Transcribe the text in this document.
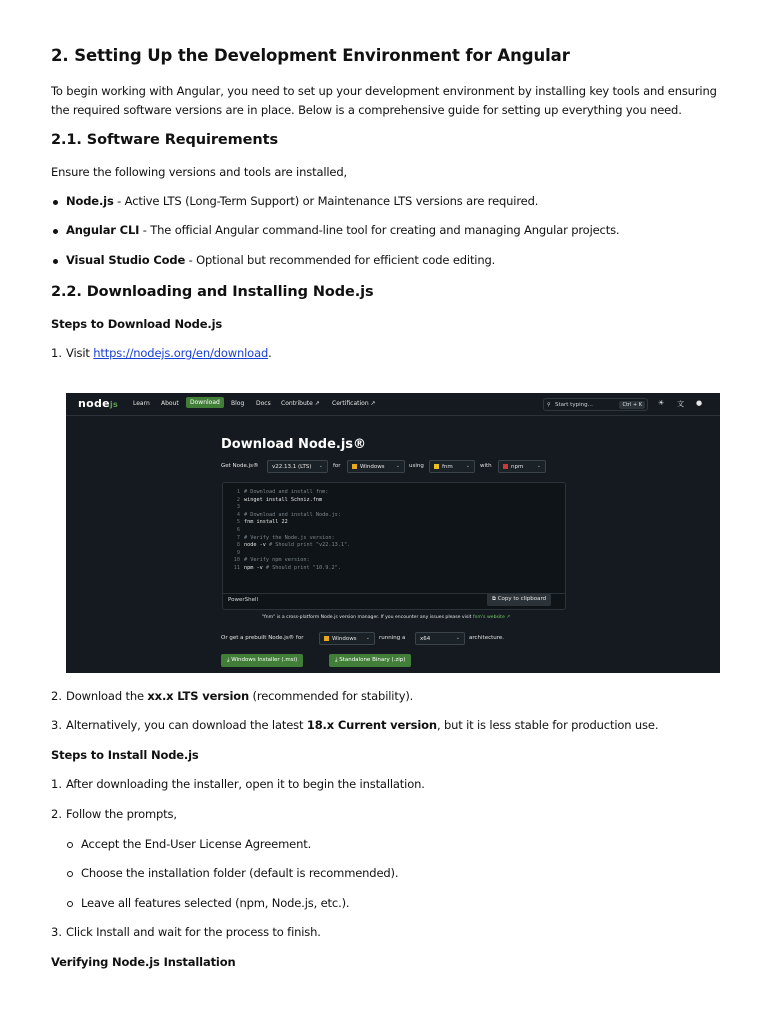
2. Setting Up the Development Environment for Angular
To begin working with Angular, you need to set up your development environment by installing key tools and ensuring the required software versions are in place. Below is a comprehensive guide for setting up everything you need.
2.1. Software Requirements
Ensure the following versions and tools are installed,
Node.js - Active LTS (Long-Term Support) or Maintenance LTS versions are required.
Angular CLI - The official Angular command-line tool for creating and managing Angular projects.
Visual Studio Code - Optional but recommended for efficient code editing.
2.2. Downloading and Installing Node.js
Steps to Download Node.js
1. Visit https://nodejs.org/en/download.
nodejs Learn About	Download	Blog Docs Contribute ↗ Certification ↗	⚲ Start typing...	Ctrl + K	☀ 文 ●
Download Node.js®
Get Node.js®	v22.13.1 (LTS) ⌄ for	Windows ⌄ using	fnm	⌄ with	npm	⌄
1 # Download and install fnm:
2 winget install Schniz.fnm
3
4 # Download and install Node.js:
5 fnm install 22
6
7 # Verify the Node.js version:
8 node -v # Should print "v22.13.1".
9
10 # Verify npm version:
11 npm -v # Should print "10.9.2".
PowerShell	⧉ Copy to clipboard
"fnm" is a cross-platform Node.js version manager. If you encounter any issues please visit fnm's website ↗
Or get a prebuilt Node.js® for	Windows ⌄ running a	x64	⌄ architecture.
⤓ Windows Installer (.msi)	⤓ Standalone Binary (.zip)
2. Download the xx.x LTS version (recommended for stability).
3. Alternatively, you can download the latest 18.x Current version, but it is less stable for production use.
Steps to Install Node.js
1. After downloading the installer, open it to begin the installation.
2. Follow the prompts,
Accept the End-User License Agreement.
Choose the installation folder (default is recommended).
Leave all features selected (npm, Node.js, etc.).
3. Click Install and wait for the process to finish.
Verifying Node.js Installation
